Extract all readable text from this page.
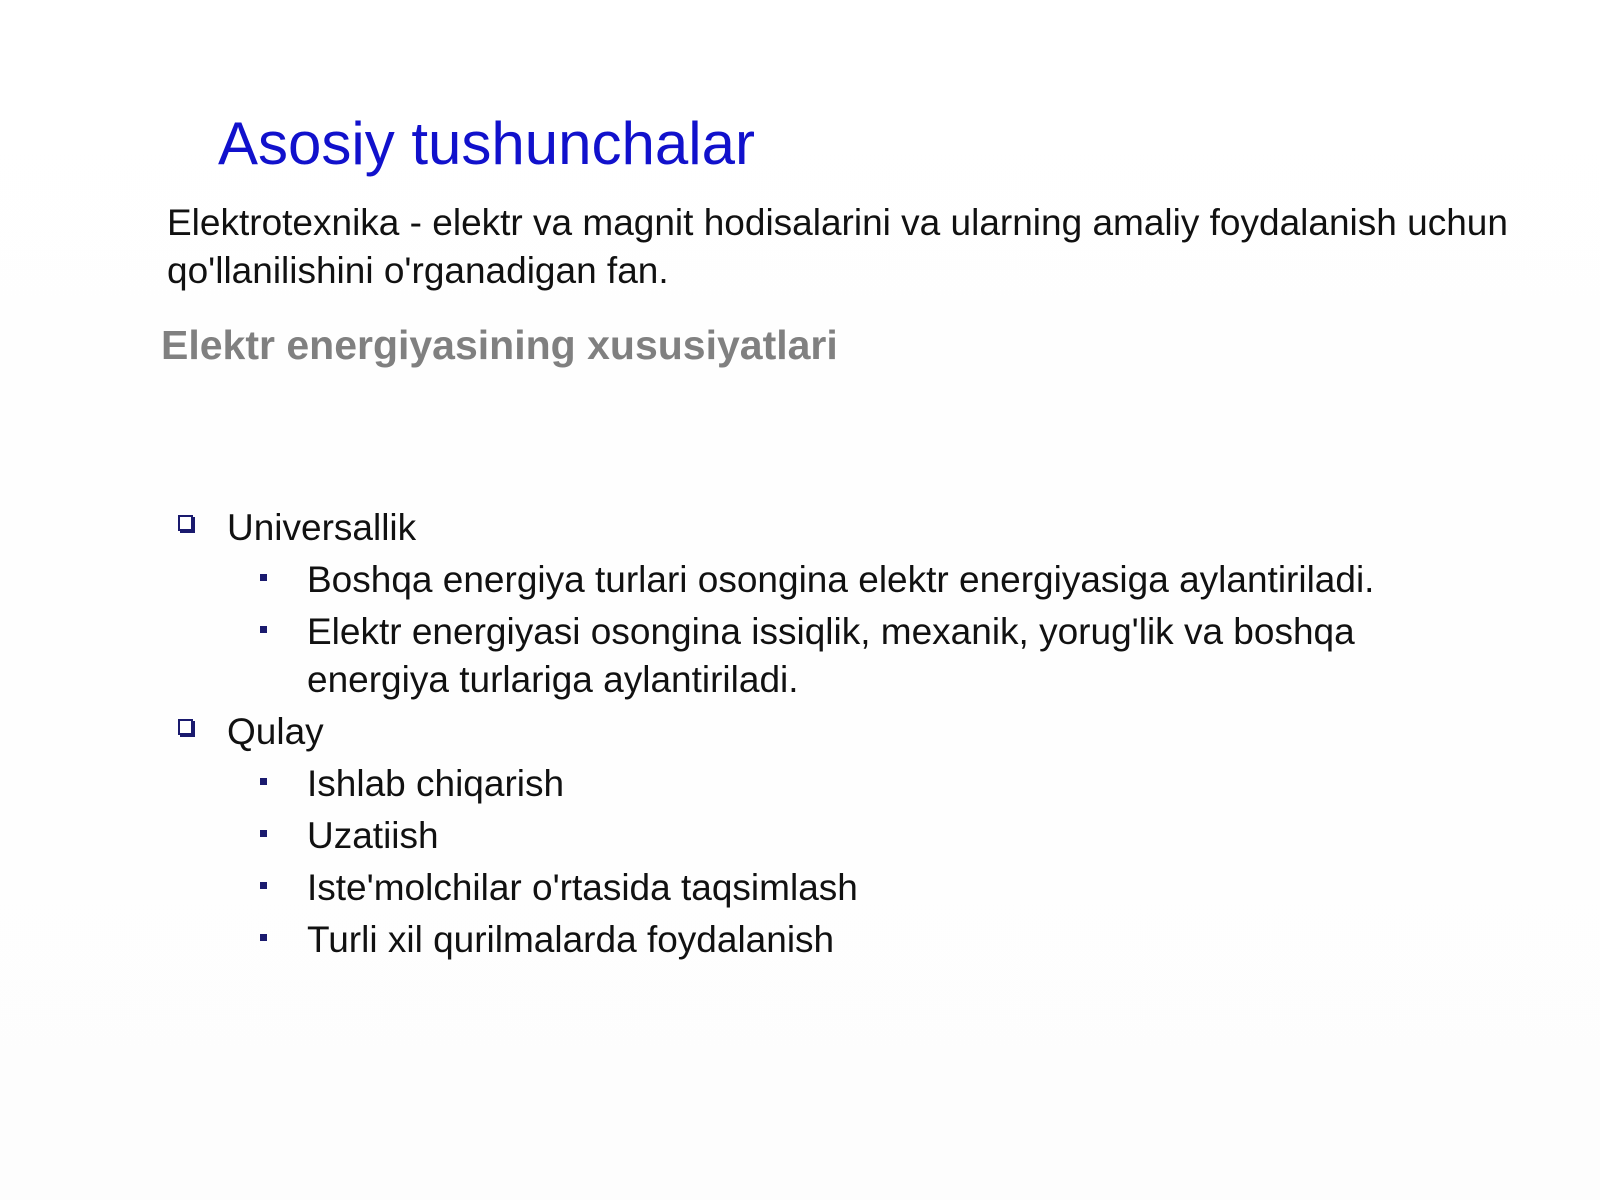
Asosiy tushunchalar
Elektrotexnika - elektr va magnit hodisalarini va ularning amaliy foydalanish uchun qo'llanilishini o'rganadigan fan.
Elektr energiyasining xususiyatlari
Universallik
Boshqa energiya turlari osongina elektr energiyasiga aylantiriladi.
Elektr energiyasi osongina issiqlik, mexanik, yorug'lik va boshqa energiya turlariga aylantiriladi.
Qulay
Ishlab chiqarish
Uzatiish
Iste'molchilar o'rtasida taqsimlash
Turli xil qurilmalarda foydalanish
